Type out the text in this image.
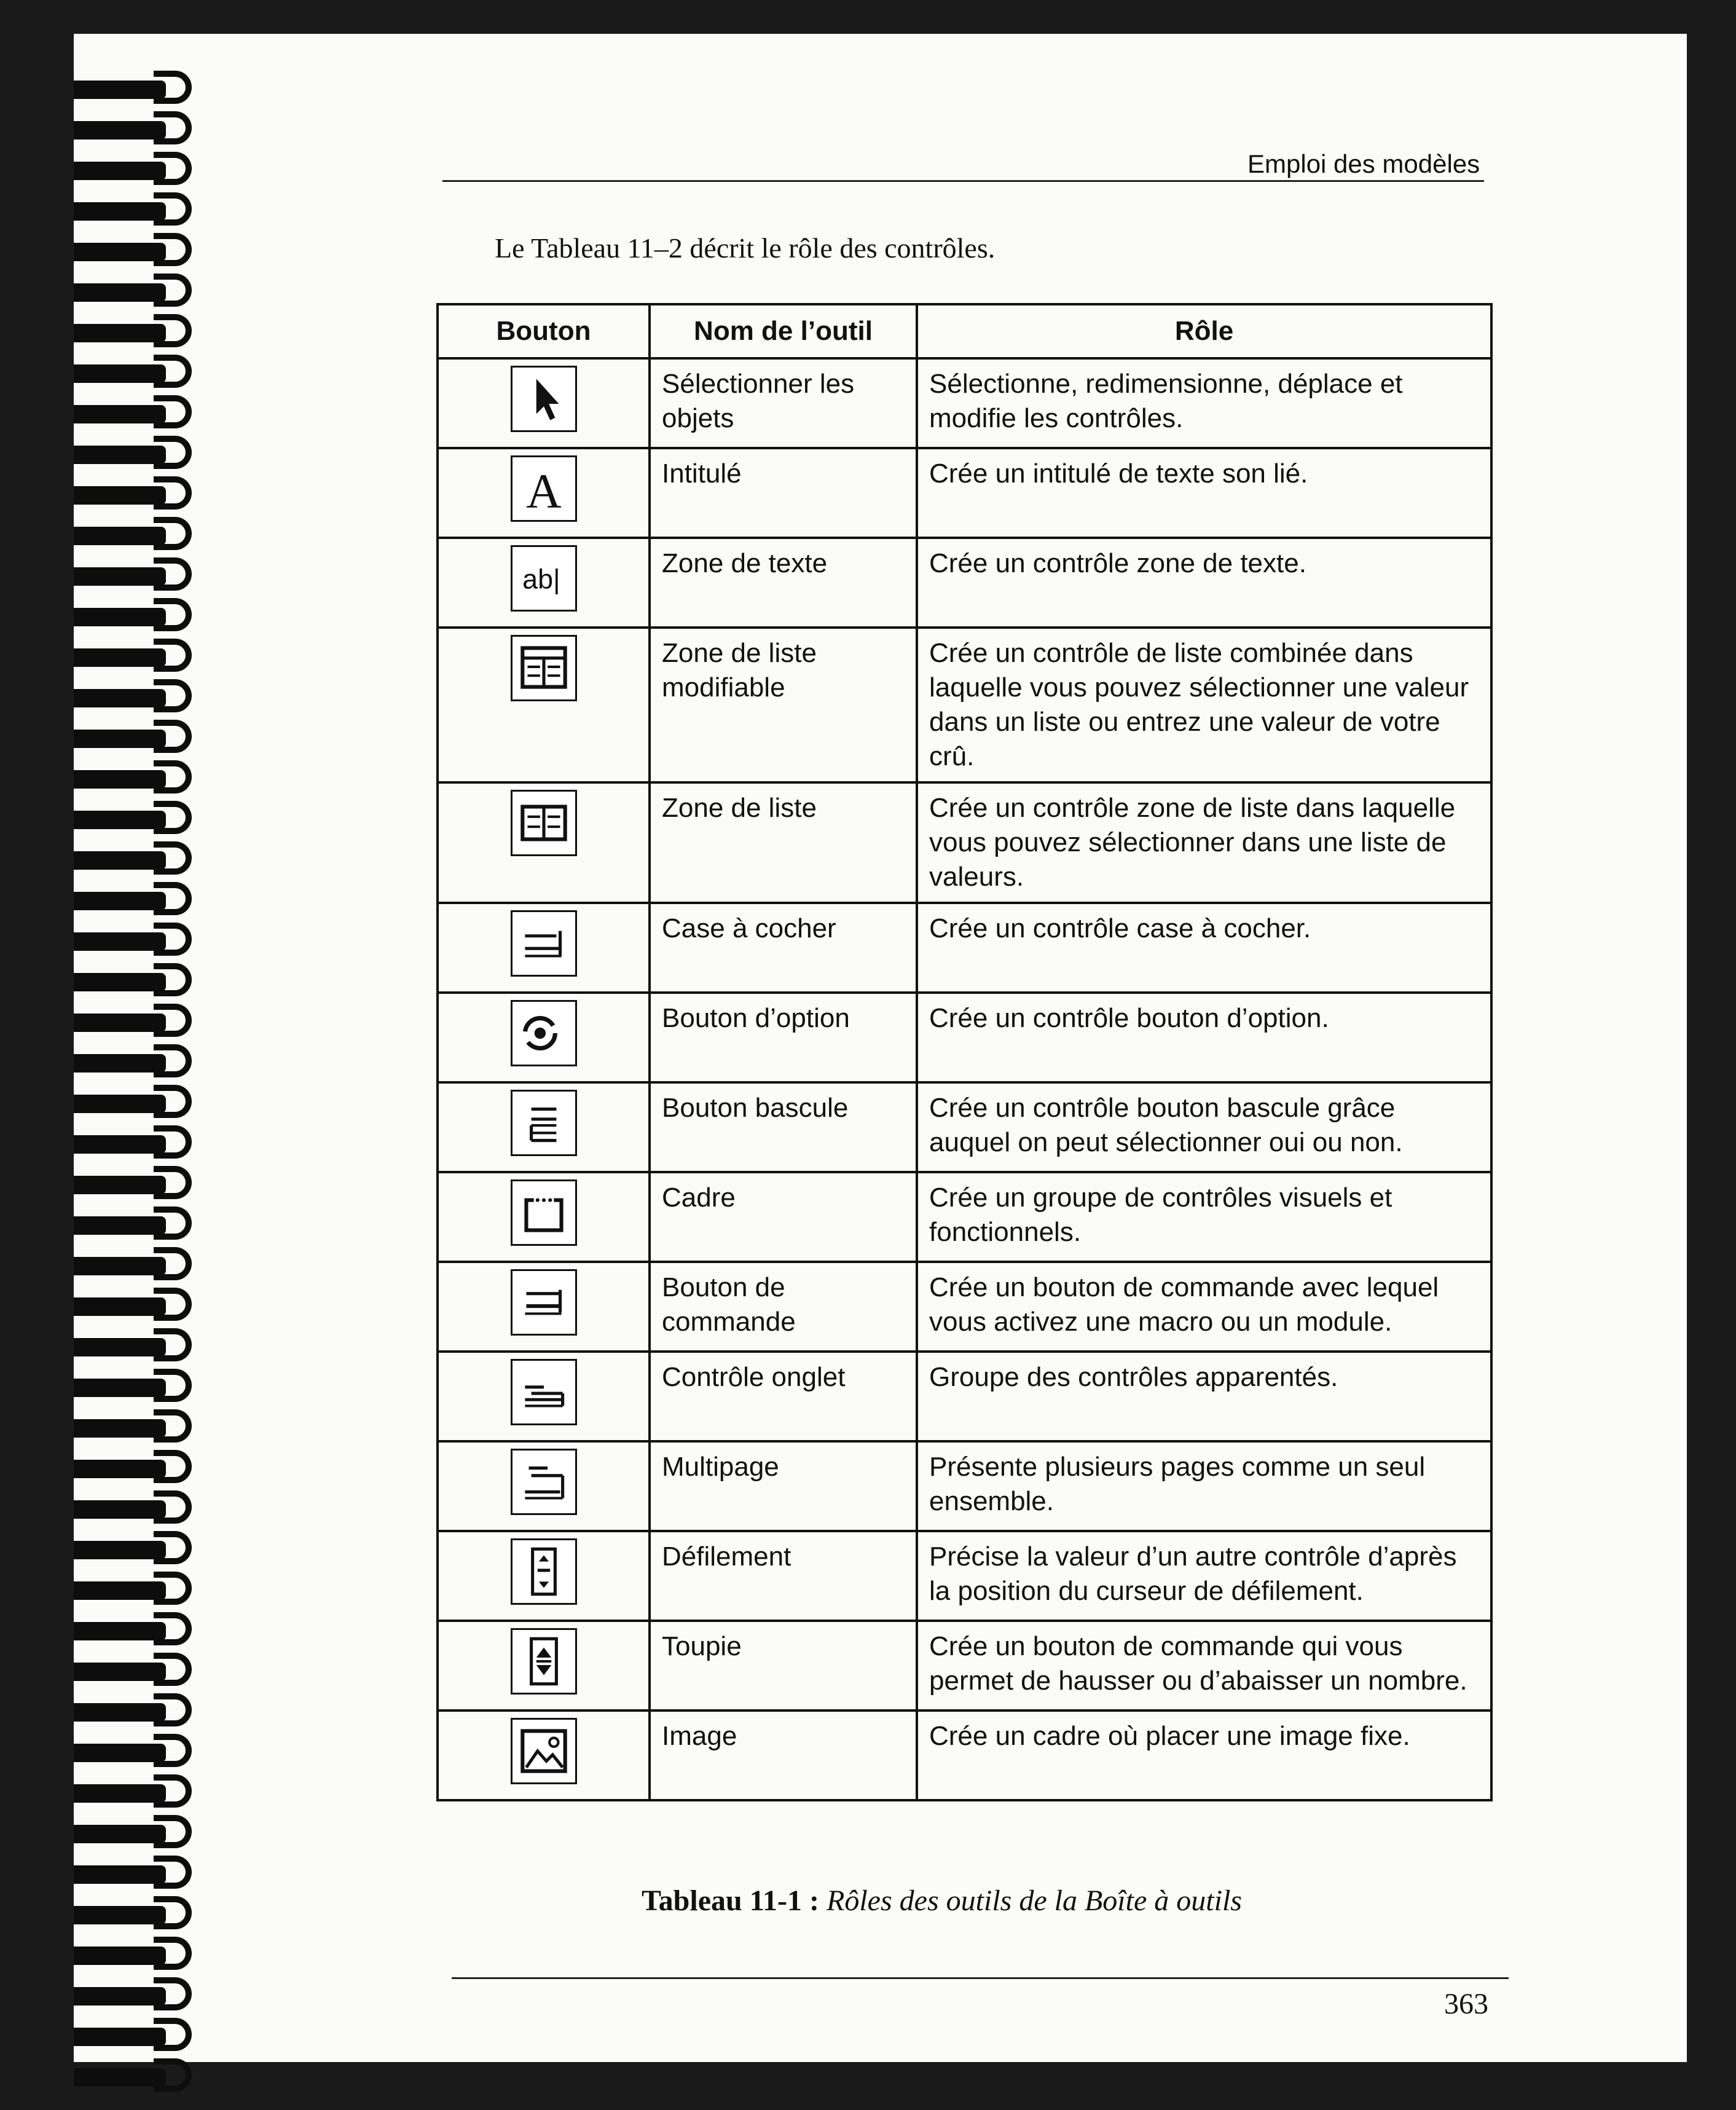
Emploi des modèles
Le Tableau 11–2 décrit le rôle des contrôles.
Bouton	Nom de l’outil	Rôle

	Sélectionner les objets	Sélectionne, redimensionne, déplace et modifie les contrôles.

A	Intitulé	Crée un intitulé de texte son lié.

ab|	Zone de texte	Crée un contrôle zone de texte.

	Zone de liste modifiable	Crée un contrôle de liste combinée dans laquelle vous pouvez sélectionner une valeur dans un liste ou entrez une valeur de votre crû.

	Zone de liste	Crée un contrôle zone de liste dans laquelle vous pouvez sélectionner dans une liste de valeurs.

	Case à cocher	Crée un contrôle case à cocher.

	Bouton d’option	Crée un contrôle bouton d’option.

	Bouton bascule	Crée un contrôle bouton bascule grâce auquel on peut sélectionner oui ou non.

	Cadre	Crée un groupe de contrôles visuels et fonctionnels.

	Bouton de commande	Crée un bouton de commande avec lequel vous activez une macro ou un module.

	Contrôle onglet	Groupe des contrôles apparentés.

	Multipage	Présente plusieurs pages comme un seul ensemble.

	Défilement	Précise la valeur d’un autre contrôle d’après la position du curseur de défilement.

	Toupie	Crée un bouton de commande qui vous permet de hausser ou d’abaisser un nombre.

	Image	Crée un cadre où placer une image fixe.
Tableau 11-1 : Rôles des outils de la Boîte à outils
363
